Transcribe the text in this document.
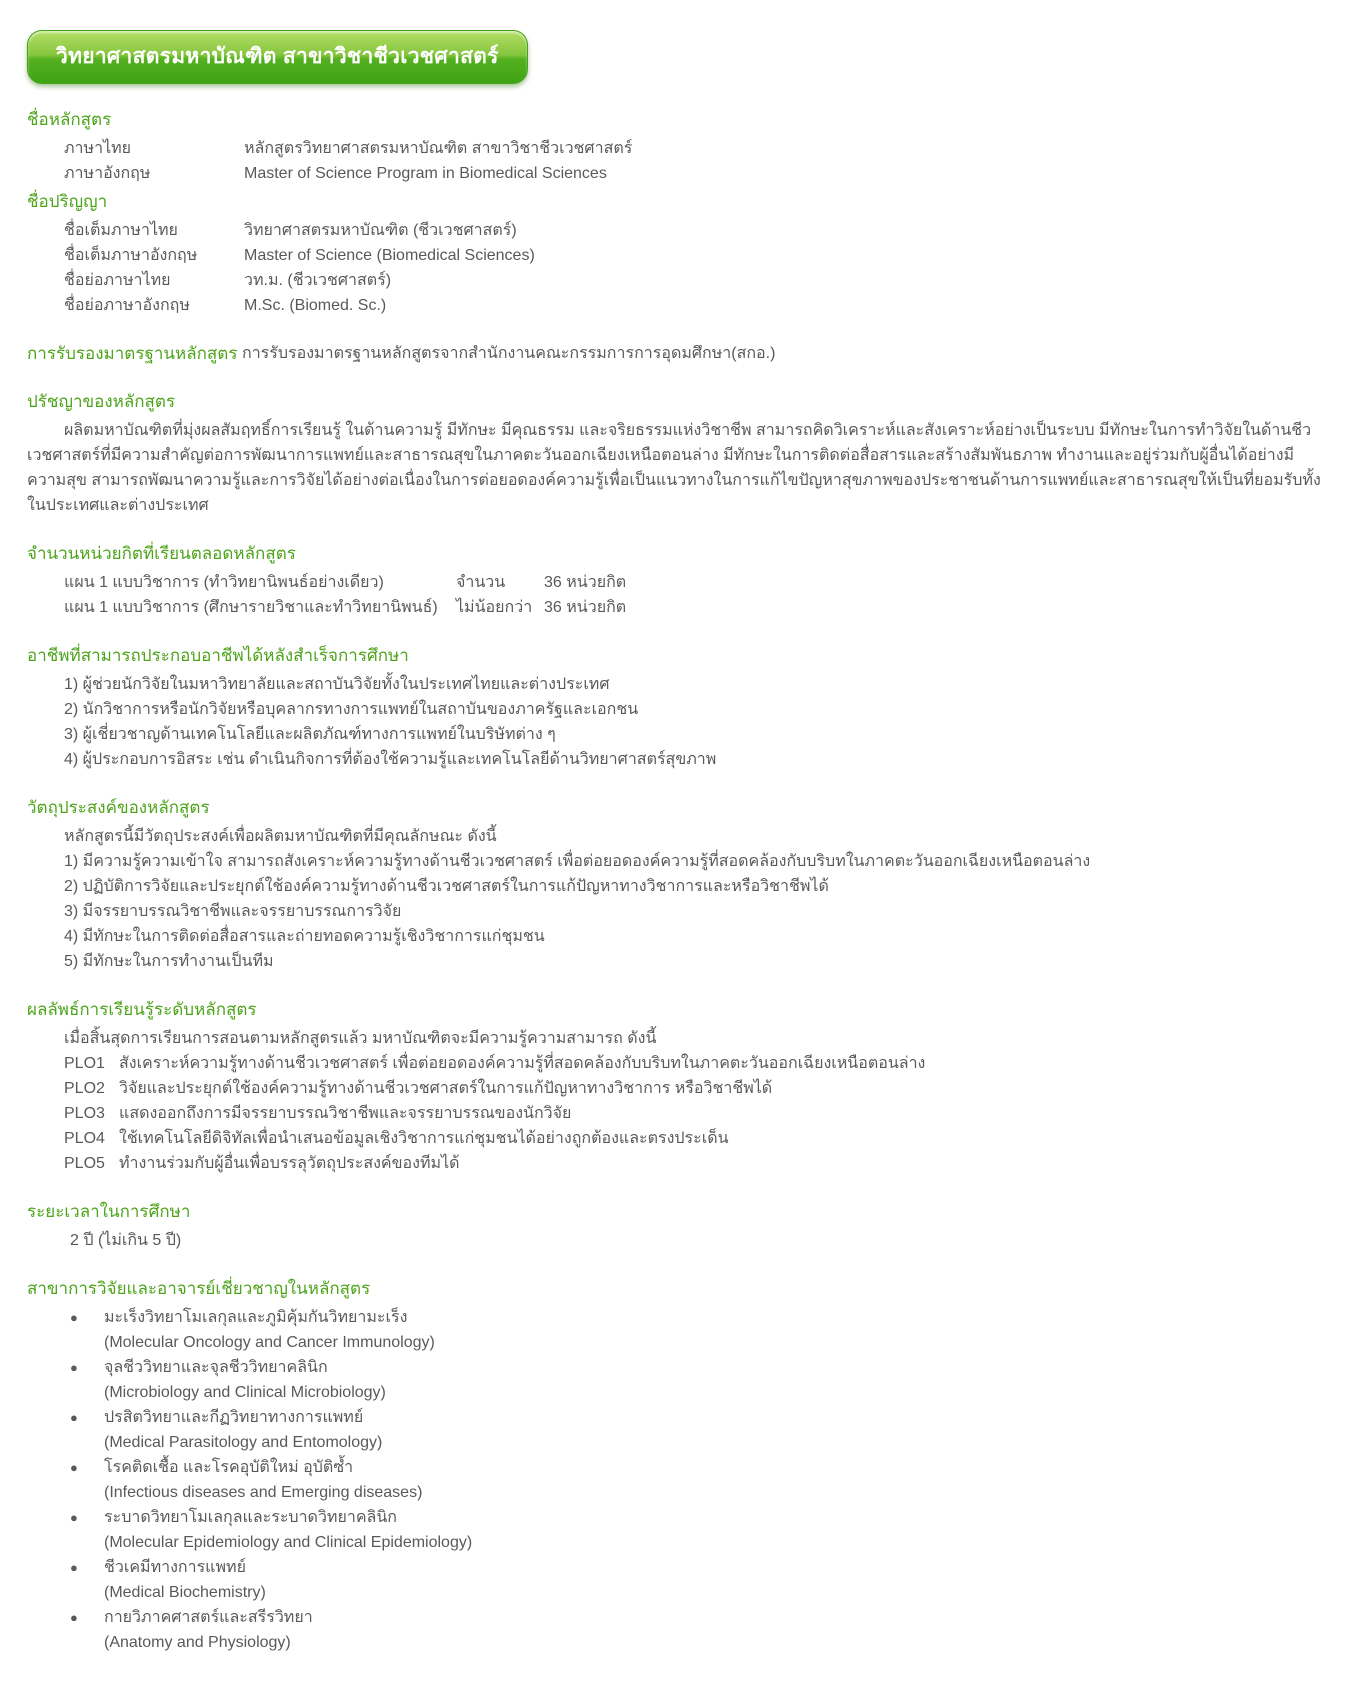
วิทยาศาสตรมหาบัณฑิต สาขาวิชาชีวเวชศาสตร์
ชื่อหลักสูตร
ภาษาไทย	หลักสูตรวิทยาศาสตรมหาบัณฑิต สาขาวิชาชีวเวชศาสตร์
ภาษาอังกฤษ	Master of Science Program in Biomedical Sciences
ชื่อปริญญา
ชื่อเต็มภาษาไทย	วิทยาศาสตรมหาบัณฑิต (ชีวเวชศาสตร์)
ชื่อเต็มภาษาอังกฤษ	Master of Science (Biomedical Sciences)
ชื่อย่อภาษาไทย	วท.ม. (ชีวเวชศาสตร์)
ชื่อย่อภาษาอังกฤษ	M.Sc. (Biomed. Sc.)
การรับรองมาตรฐานหลักสูตร การรับรองมาตรฐานหลักสูตรจากสำนักงานคณะกรรมการการอุดมศึกษา(สกอ.)
ปรัชญาของหลักสูตร

ผลิตมหาบัณฑิตที่มุ่งผลสัมฤทธิ์การเรียนรู้ ในด้านความรู้ มีทักษะ มีคุณธรรม และจริยธรรมแห่งวิชาชีพ สามารถคิดวิเคราะห์และสังเคราะห์อย่างเป็นระบบ มีทักษะในการทำวิจัยในด้านชีวเวชศาสตร์ที่มีความสำคัญต่อการพัฒนาการแพทย์และสาธารณสุขในภาคตะวันออกเฉียงเหนือตอนล่าง มีทักษะในการติดต่อสื่อสารและสร้างสัมพันธภาพ ทำงานและอยู่ร่วมกับผู้อื่นได้อย่างมีความสุข สามารถพัฒนาความรู้และการวิจัยได้อย่างต่อเนื่องในการต่อยอดองค์ความรู้เพื่อเป็นแนวทางในการแก้ไขปัญหาสุขภาพของประชาชนด้านการแพทย์และสาธารณสุขให้เป็นที่ยอมรับทั้งในประเทศและต่างประเทศ

จำนวนหน่วยกิตที่เรียนตลอดหลักสูตร
แผน 1 แบบวิชาการ (ทำวิทยานิพนธ์อย่างเดียว)	จำนวน	36 หน่วยกิต
แผน 1 แบบวิชาการ (ศึกษารายวิชาและทำวิทยานิพนธ์)	ไม่น้อยกว่า 36 หน่วยกิต
อาชีพที่สามารถประกอบอาชีพได้หลังสำเร็จการศึกษา
1) ผู้ช่วยนักวิจัยในมหาวิทยาลัยและสถาบันวิจัยทั้งในประเทศไทยและต่างประเทศ
2) นักวิชาการหรือนักวิจัยหรือบุคลากรทางการแพทย์ในสถาบันของภาครัฐและเอกชน
3) ผู้เชี่ยวชาญด้านเทคโนโลยีและผลิตภัณฑ์ทางการแพทย์ในบริษัทต่าง ๆ
4) ผู้ประกอบการอิสระ เช่น ดำเนินกิจการที่ต้องใช้ความรู้และเทคโนโลยีด้านวิทยาศาสตร์สุขภาพ
วัตถุประสงค์ของหลักสูตร
หลักสูตรนี้มีวัตถุประสงค์เพื่อผลิตมหาบัณฑิตที่มีคุณลักษณะ ดังนี้
1) มีความรู้ความเข้าใจ สามารถสังเคราะห์ความรู้ทางด้านชีวเวชศาสตร์ เพื่อต่อยอดองค์ความรู้ที่สอดคล้องกับบริบทในภาคตะวันออกเฉียงเหนือตอนล่าง
2) ปฏิบัติการวิจัยและประยุกต์ใช้องค์ความรู้ทางด้านชีวเวชศาสตร์ในการแก้ปัญหาทางวิชาการและหรือวิชาชีพได้
3) มีจรรยาบรรณวิชาชีพและจรรยาบรรณการวิจัย
4) มีทักษะในการติดต่อสื่อสารและถ่ายทอดความรู้เชิงวิชาการแก่ชุมชน
5) มีทักษะในการทำงานเป็นทีม
ผลลัพธ์การเรียนรู้ระดับหลักสูตร
เมื่อสิ้นสุดการเรียนการสอนตามหลักสูตรแล้ว มหาบัณฑิตจะมีความรู้ความสามารถ ดังนี้
PLO1 สังเคราะห์ความรู้ทางด้านชีวเวชศาสตร์ เพื่อต่อยอดองค์ความรู้ที่สอดคล้องกับบริบทในภาคตะวันออกเฉียงเหนือตอนล่าง
PLO2 วิจัยและประยุกต์ใช้องค์ความรู้ทางด้านชีวเวชศาสตร์ในการแก้ปัญหาทางวิชาการ หรือวิชาชีพได้
PLO3 แสดงออกถึงการมีจรรยาบรรณวิชาชีพและจรรยาบรรณของนักวิจัย
PLO4 ใช้เทคโนโลยีดิจิทัลเพื่อนำเสนอข้อมูลเชิงวิชาการแก่ชุมชนได้อย่างถูกต้องและตรงประเด็น
PLO5 ทำงานร่วมกับผู้อื่นเพื่อบรรลุวัตถุประสงค์ของทีมได้
ระยะเวลาในการศึกษา
2 ปี (ไม่เกิน 5 ปี)
สาขาการวิจัยและอาจารย์เชี่ยวชาญในหลักสูตร
●	มะเร็งวิทยาโมเลกุลและภูมิคุ้มกันวิทยามะเร็ง
(Molecular Oncology and Cancer Immunology)
●	จุลชีววิทยาและจุลชีววิทยาคลินิก
(Microbiology and Clinical Microbiology)
●	ปรสิตวิทยาและกีฏวิทยาทางการแพทย์
(Medical Parasitology and Entomology)
●	โรคติดเชื้อ และโรคอุบัติใหม่ อุบัติซ้ำ
(Infectious diseases and Emerging diseases)
●	ระบาดวิทยาโมเลกุลและระบาดวิทยาคลินิก
(Molecular Epidemiology and Clinical Epidemiology)
●	ชีวเคมีทางการแพทย์
(Medical Biochemistry)
●	กายวิภาคศาสตร์และสรีรวิทยา
(Anatomy and Physiology)
